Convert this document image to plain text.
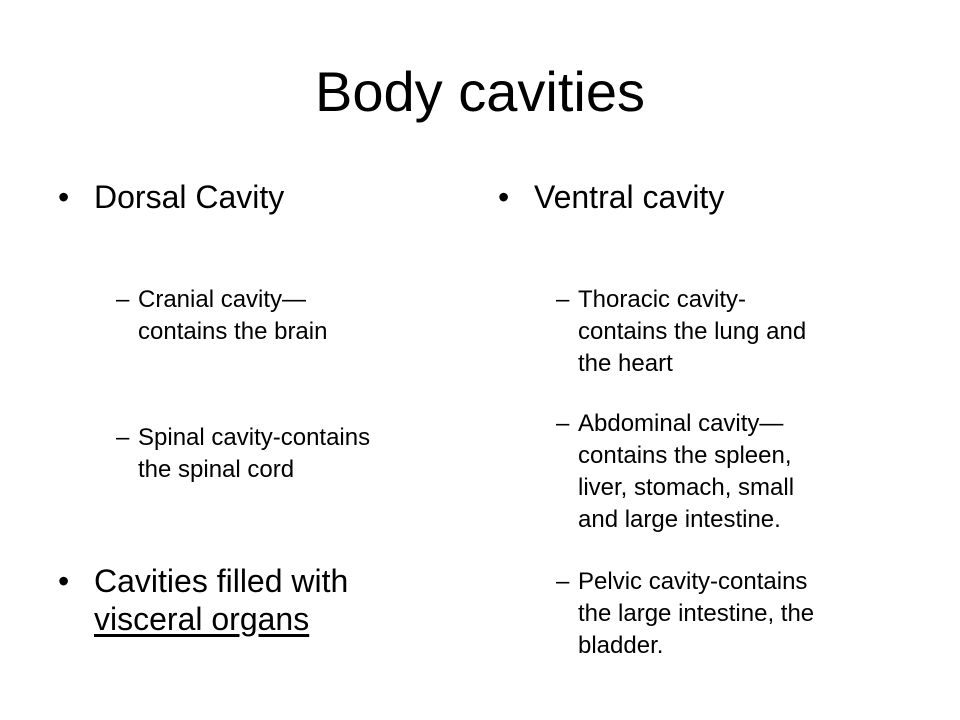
Body cavities
• Dorsal Cavity
– Cranial cavity—
contains the brain
– Spinal cavity-contains
the spinal cord
• Cavities filled with
visceral organs
• Ventral cavity
– Thoracic cavity-
contains the lung and
the heart
– Abdominal cavity—
contains the spleen,
liver, stomach, small
and large intestine.
– Pelvic cavity-contains
the large intestine, the
bladder.
